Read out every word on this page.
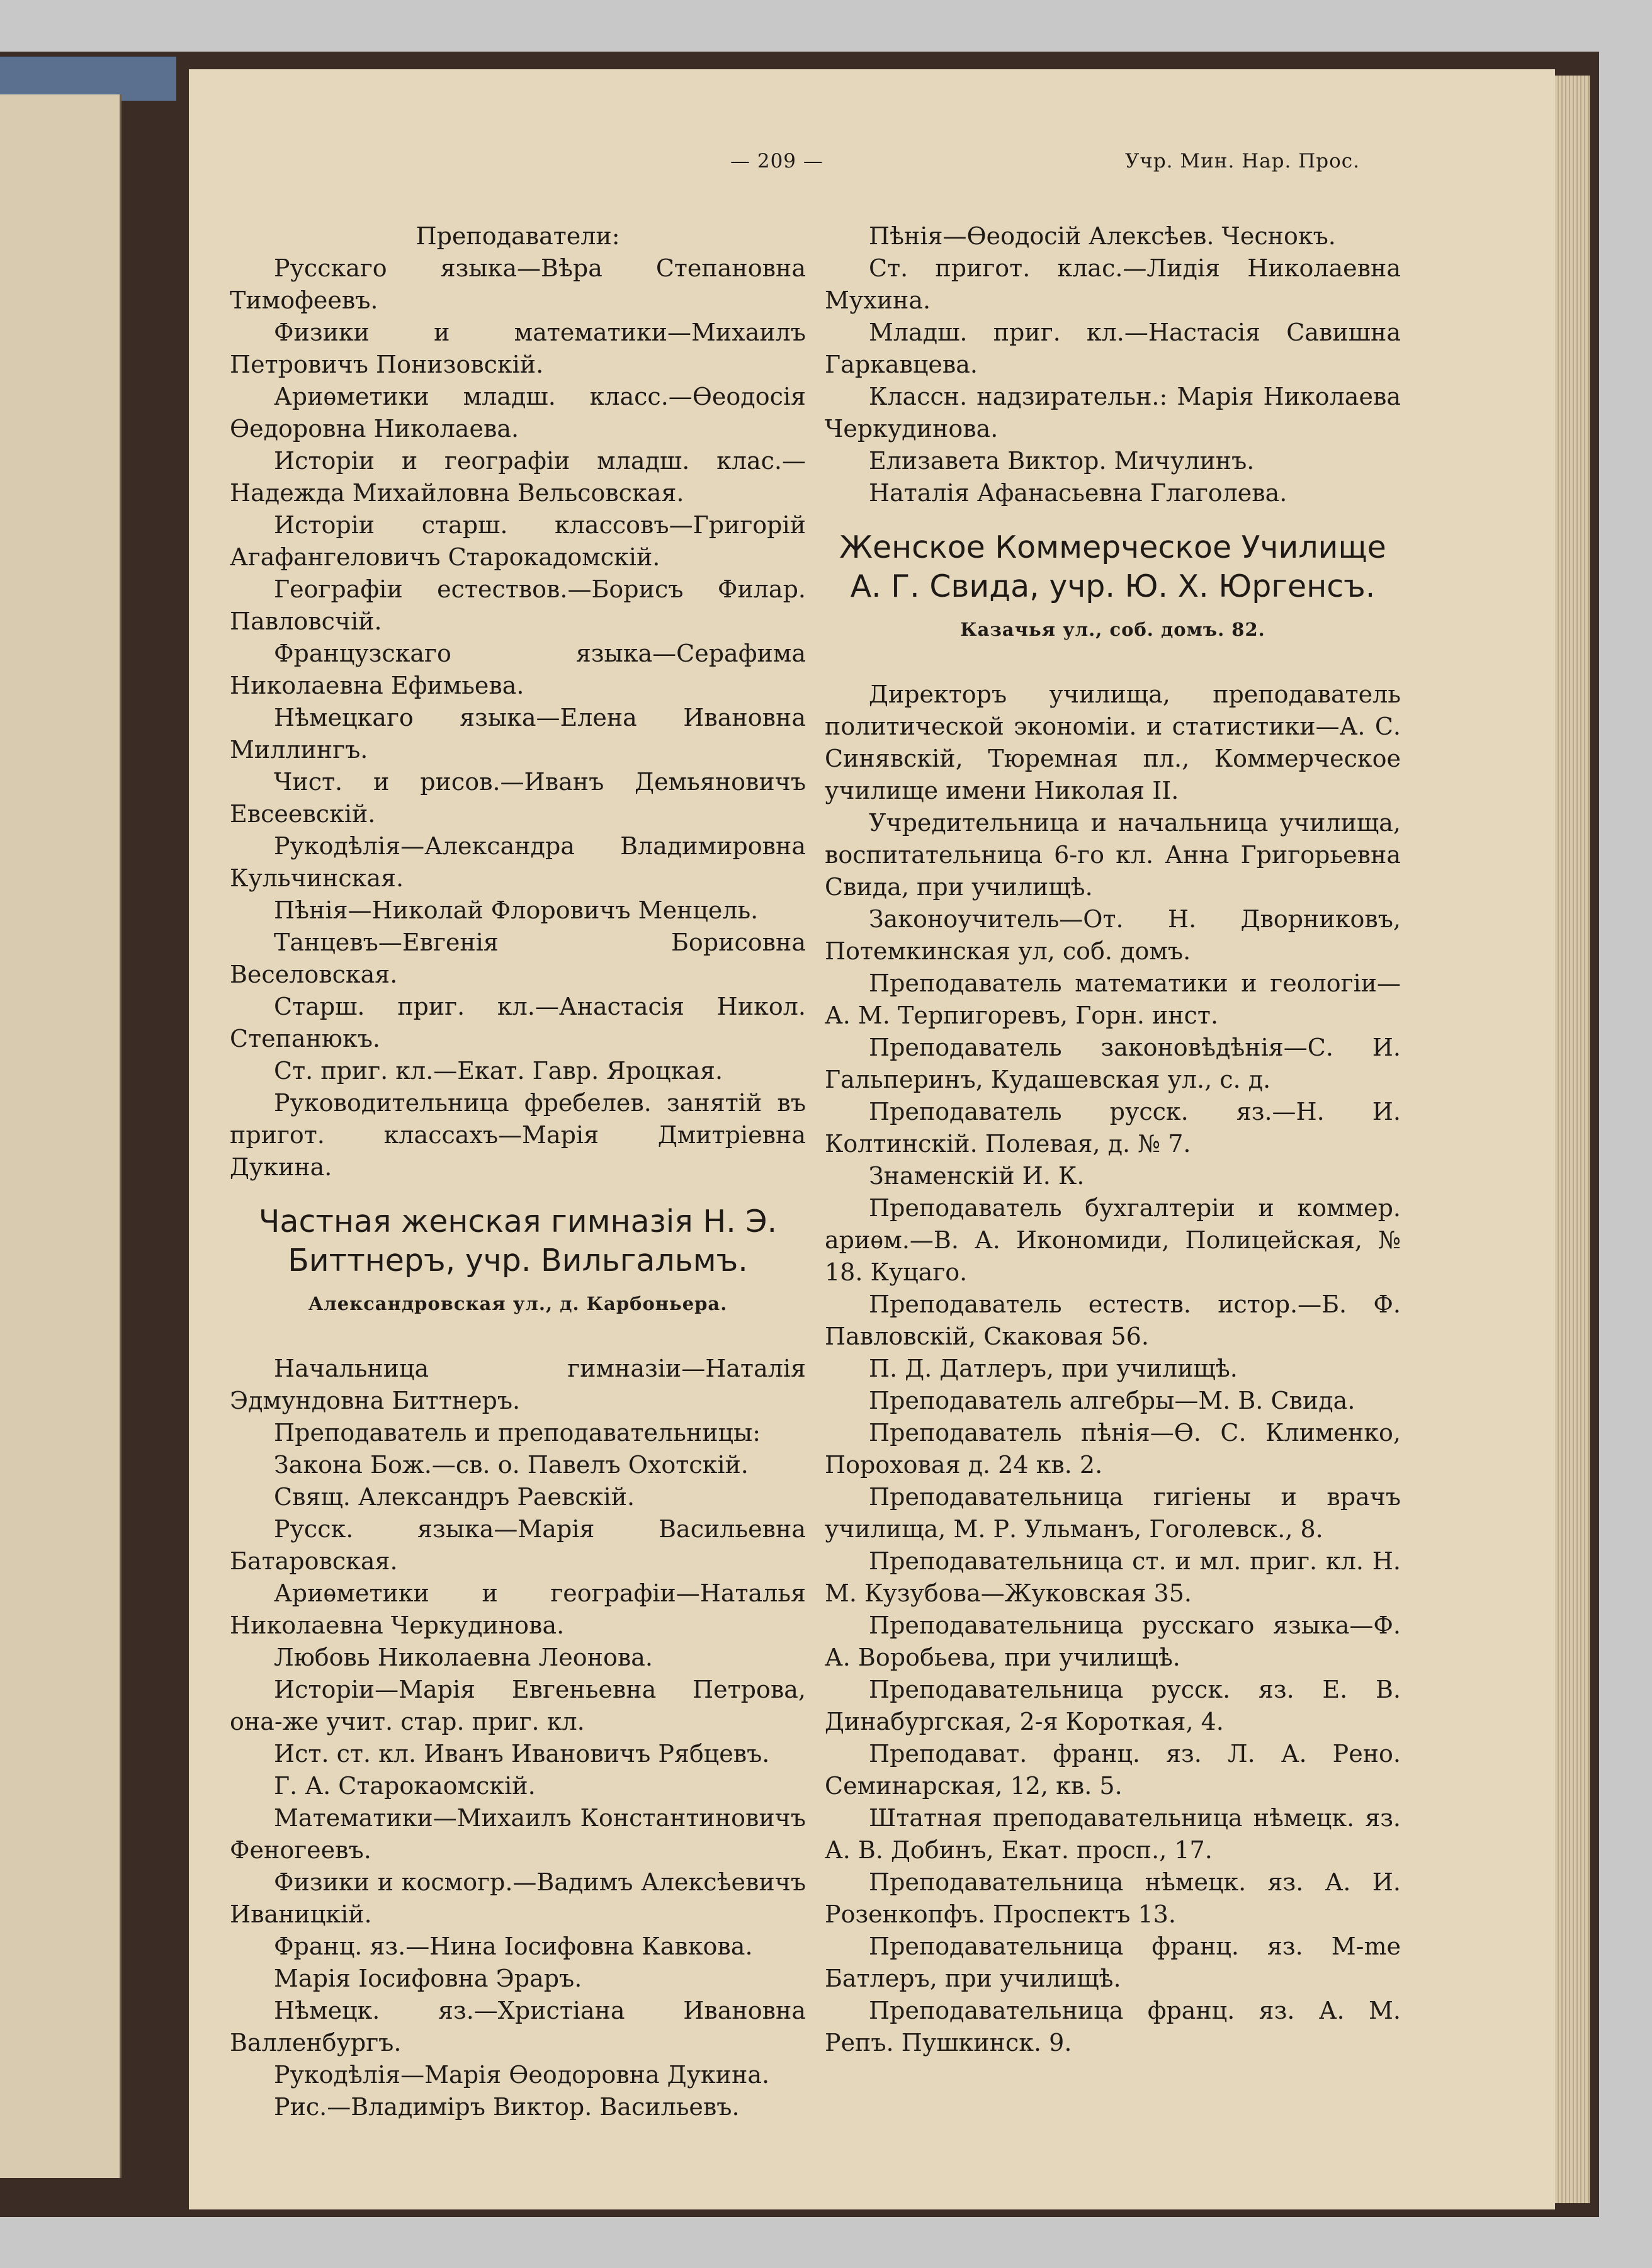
— 209 —	Учр. Мин. Нар. Прос.

Преподаватели:

Русскаго языка—Вѣра Степановна Тимофеевъ.

Физики и математики—Михаилъ Петровичъ Понизовскій.

Ариѳметики младш. класс.—Ѳеодосія Ѳедоровна Николаева.

Исторіи и географіи младш. клас.—Надежда Михайловна Вельсовская.

Исторіи старш. классовъ—Григорій Агафангеловичъ Старокадомскій.

Географіи естествов.—Борисъ Филар. Павловсчій.

Французскаго языка—Серафима Николаевна Ефимьева.

Нѣмецкаго языка—Елена Ивановна Миллингъ.

Чист. и рисов.—Иванъ Демьяновичъ Евсеевскій.

Рукодѣлія—Александра Владимировна Кульчинская.

Пѣнія—Николай Флоровичъ Менцель.

Танцевъ—Евгенія Борисовна Веселовская.

Старш. приг. кл.—Анастасія Никол. Степанюкъ.

Ст. приг. кл.—Екат. Гавр. Яроцкая.

Руководительница фребелев. занятій въ пригот. классахъ—Марія Дмитріевна Дукина.

Частная женская гимназія Н. Э. Биттнеръ, учр. Вильгальмъ.
Александровская ул., д. Карбоньера.

Начальница гимназіи—Наталія Эдмундовна Биттнеръ.

Преподаватель и преподавательницы:

Закона Бож.—св. о. Павелъ Охотскій.

Свящ. Александръ Раевскій.

Русск. языка—Марія Васильевна Батаровская.

Ариѳметики и географіи—Наталья Николаевна Черкудинова.

Любовь Николаевна Леонова.

Исторіи—Марія Евгеньевна Петрова, она-же учит. стар. приг. кл.

Ист. ст. кл. Иванъ Ивановичъ Рябцевъ.

Г. А. Старокаомскій.

Математики—Михаилъ Константиновичъ Феногеевъ.

Физики и космогр.—Вадимъ Алексѣевичъ Иваницкій.

Франц. яз.—Нина Іосифовна Кавкова.

Марія Іосифовна Эраръ.

Нѣмецк. яз.—Христіана Ивановна Валленбургъ.

Рукодѣлія—Марія Ѳеодоровна Дукина.

Рис.—Владиміръ Виктор. Васильевъ.

Пѣнія—Ѳеодосій Алексѣев. Чеснокъ.

Ст. пригот. клас.—Лидія Николаевна Мухина.

Младш. приг. кл.—Настасія Савишна Гаркавцева.

Классн. надзирательн.: Марія Николаева Черкудинова.

Елизавета Виктор. Мичулинъ.

Наталія Афанасьевна Глаголева.

Женское Коммерческое Училище А. Г. Свида, учр. Ю. Х. Юргенсъ.
Казачья ул., соб. домъ. 82.

Директоръ училища, преподаватель политической экономіи. и статистики—А. С. Синявскій, Тюремная пл., Коммерческое училище имени Николая II.

Учредительница и начальница училища, воспитательница 6-го кл. Анна Григорьевна Свида, при училищѣ.

Законоучитель—От. Н. Дворниковъ, Потемкинская ул, соб. домъ.

Преподаватель математики и геологіи—А. М. Терпигоревъ, Горн. инст.

Преподаватель законовѣдѣнія—С. И. Гальперинъ, Кудашевская ул., с. д.

Преподаватель русск. яз.—Н. И. Колтинскій. Полевая, д. № 7.

Знаменскій И. К.

Преподаватель бухгалтеріи и коммер. ариѳм.—В. А. Икономиди, Полицейская, № 18. Куцаго.

Преподаватель естеств. истор.—Б. Ф. Павловскій, Скаковая 56.

П. Д. Датлеръ, при училищѣ.

Преподаватель алгебры—М. В. Свида.

Преподаватель пѣнія—Ѳ. С. Клименко, Пороховая д. 24 кв. 2.

Преподавательница гигіены и врачъ училища, М. Р. Ульманъ, Гоголевск., 8.

Преподавательница ст. и мл. приг. кл. Н. М. Кузубова—Жуковская 35.

Преподавательница русскаго языка—Ф. А. Воробьева, при училищѣ.

Преподавательница русск. яз. Е. В. Динабургская, 2-я Короткая, 4.

Преподават. франц. яз. Л. А. Рено. Семинарская, 12, кв. 5.

Штатная преподавательница нѣмецк. яз. А. В. Добинъ, Екат. просп., 17.

Преподавательница нѣмецк. яз. А. И. Розенкопфъ. Проспектъ 13.

Преподавательница франц. яз. М-me Батлеръ, при училищѣ.

Преподавательница франц. яз. А. М. Репъ. Пушкинск. 9.
